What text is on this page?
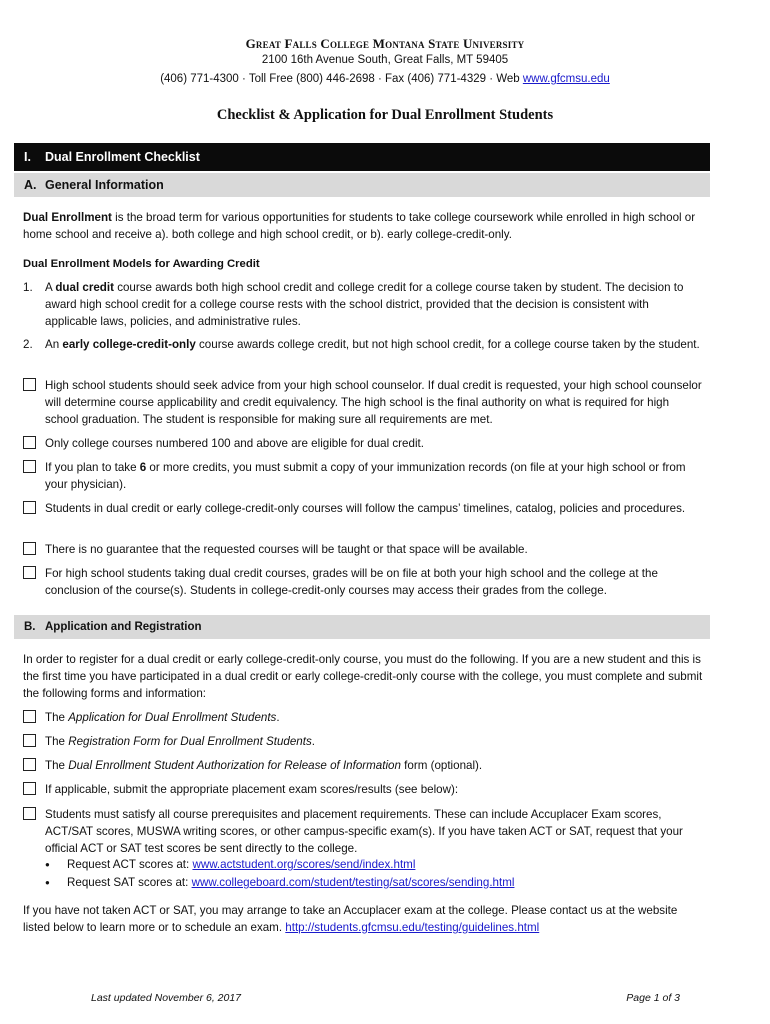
Great Falls College Montana State University
2100 16th Avenue South, Great Falls, MT 59405
(406) 771-4300 · Toll Free (800) 446-2698 · Fax (406) 771-4329 · Web www.gfcmsu.edu
Checklist & Application for Dual Enrollment Students
I. Dual Enrollment Checklist
A. General Information
Dual Enrollment is the broad term for various opportunities for students to take college coursework while enrolled in high school or home school and receive a). both college and high school credit, or b). early college-credit-only.
Dual Enrollment Models for Awarding Credit
1. A dual credit course awards both high school credit and college credit for a college course taken by student. The decision to award high school credit for a college course rests with the school district, provided that the decision is consistent with applicable laws, policies, and administrative rules.
2. An early college-credit-only course awards college credit, but not high school credit, for a college course taken by the student.
High school students should seek advice from your high school counselor. If dual credit is requested, your high school counselor will determine course applicability and credit equivalency. The high school is the final authority on what is required for high school graduation. The student is responsible for making sure all requirements are met.
Only college courses numbered 100 and above are eligible for dual credit.
If you plan to take 6 or more credits, you must submit a copy of your immunization records (on file at your high school or from your physician).
Students in dual credit or early college-credit-only courses will follow the campus’ timelines, catalog, policies and procedures.
There is no guarantee that the requested courses will be taught or that space will be available.
For high school students taking dual credit courses, grades will be on file at both your high school and the college at the conclusion of the course(s). Students in college-credit-only courses may access their grades from the college.
B. Application and Registration
In order to register for a dual credit or early college-credit-only course, you must do the following. If you are a new student and this is the first time you have participated in a dual credit or early college-credit-only course with the college, you must complete and submit the following forms and information:
The Application for Dual Enrollment Students.
The Registration Form for Dual Enrollment Students.
The Dual Enrollment Student Authorization for Release of Information form (optional).
If applicable, submit the appropriate placement exam scores/results (see below):
Students must satisfy all course prerequisites and placement requirements. These can include Accuplacer Exam scores, ACT/SAT scores, MUSWA writing scores, or other campus-specific exam(s). If you have taken ACT or SAT, request that your official ACT or SAT test scores be sent directly to the college.
● Request ACT scores at: www.actstudent.org/scores/send/index.html
● Request SAT scores at: www.collegeboard.com/student/testing/sat/scores/sending.html
If you have not taken ACT or SAT, you may arrange to take an Accuplacer exam at the college. Please contact us at the website listed below to learn more or to schedule an exam. http://students.gfcmsu.edu/testing/guidelines.html
Last updated November 6, 2017	Page 1 of 3
